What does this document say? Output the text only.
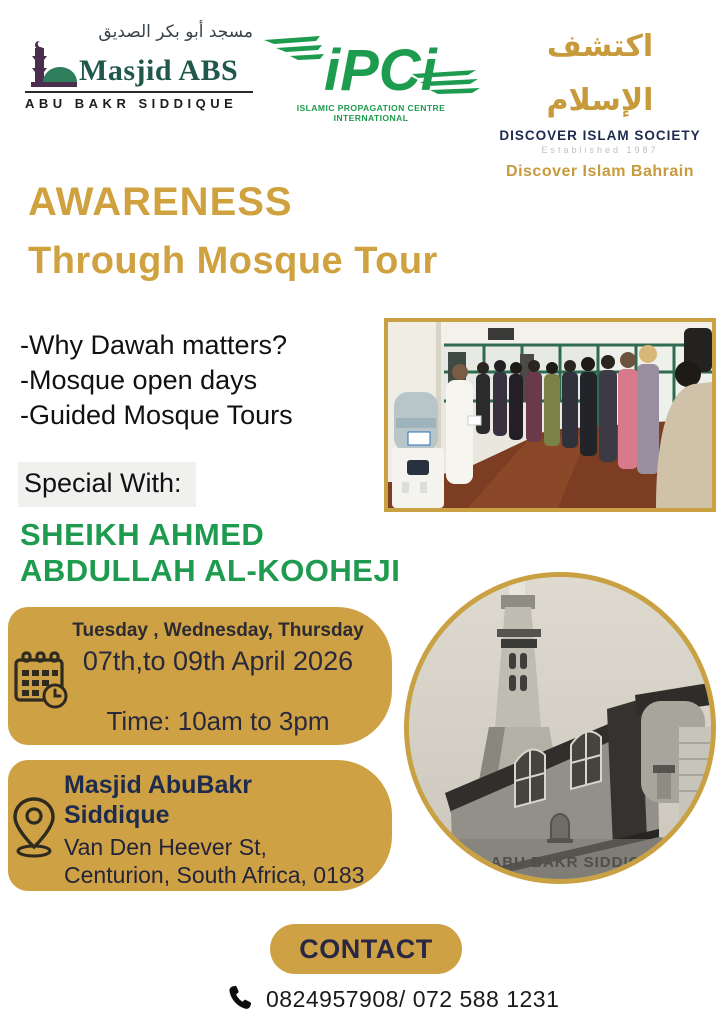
مسجد أبو بكر الصديق
Masjid ABS
ABU BAKR SIDDIQUE
iPCi
ISLAMIC PROPAGATION CENTRE INTERNATIONAL
اكتشف الإسلام
DISCOVER ISLAM SOCIETY
Established 1987
Discover Islam Bahrain
AWARENESS
Through Mosque Tour
-Why Dawah matters?
-Mosque open days
-Guided Mosque Tours
Special With:
SHEIKH AHMED
ABDULLAH AL-KOOHEJI
Tuesday , Wednesday, Thursday
07th,to 09th April 2026
Time: 10am to 3pm
Masjid AbuBakr
Siddique
Van Den Heever St,
Centurion, South Africa, 0183	ID ABU BAKR SIDDIQU
CONTACT
0824957908/ 072 588 1231
